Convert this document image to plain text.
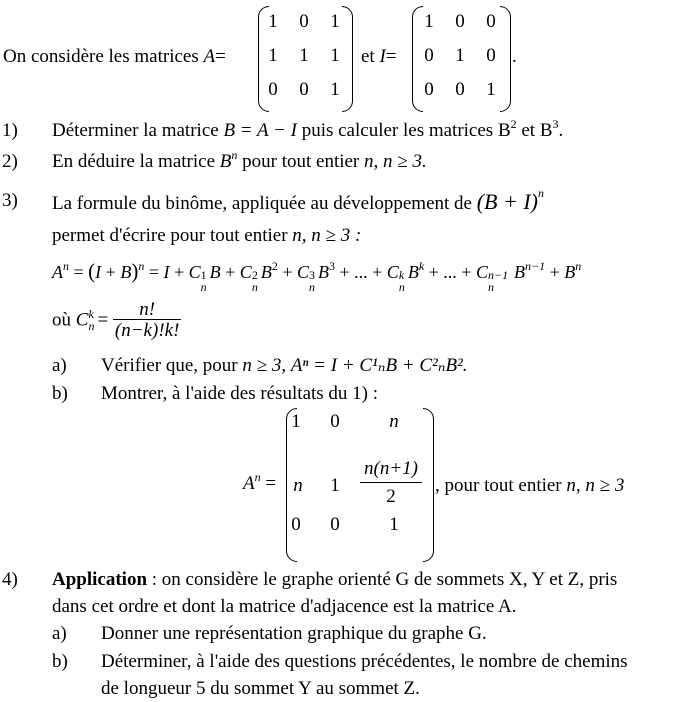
On considère les matrices A=
1 0 1
1 1 1
0 0 1
et I=
1 0 0
0 1 0
0 0 1
.
1) Déterminer la matrice B = A − I puis calculer les matrices $B^2$ et $B^3$.
2) En déduire la matrice $B^n$ pour tout entier n, n ≥ 3.
3) La formule du binôme, appliquée au développement de $(B + I)^n$
permet d'écrire pour tout entier n, n ≥ 3 :
$A^n = (I + B)^n = I + C$ 1
n
B + C 2
n
$B^2 + C$ 3
n
$B^3$ + ... + C k
n
$B^k$ + ... + C n−1
n
$B^{n-1} + B^n$
où C k
$n = \frac{n!}{(n-k)!k!}$
a) Vérifier que, pour n ≥ 3, Aⁿ = I + C¹ₙB + C²ₙB².
b) Montrer, à l'aide des résultats du 1) :
$A^n$ =
1 0	n
n $1 \frac{n(n+1)}{2}$
0 0	1
, pour tout entier n, n ≥ 3
4) Application : on considère le graphe orienté G de sommets X, Y et Z, pris
dans cet ordre et dont la matrice d'adjacence est la matrice A.
a) Donner une représentation graphique du graphe G.
b) Déterminer, à l'aide des questions précédentes, le nombre de chemins
de longueur 5 du sommet Y au sommet Z.
